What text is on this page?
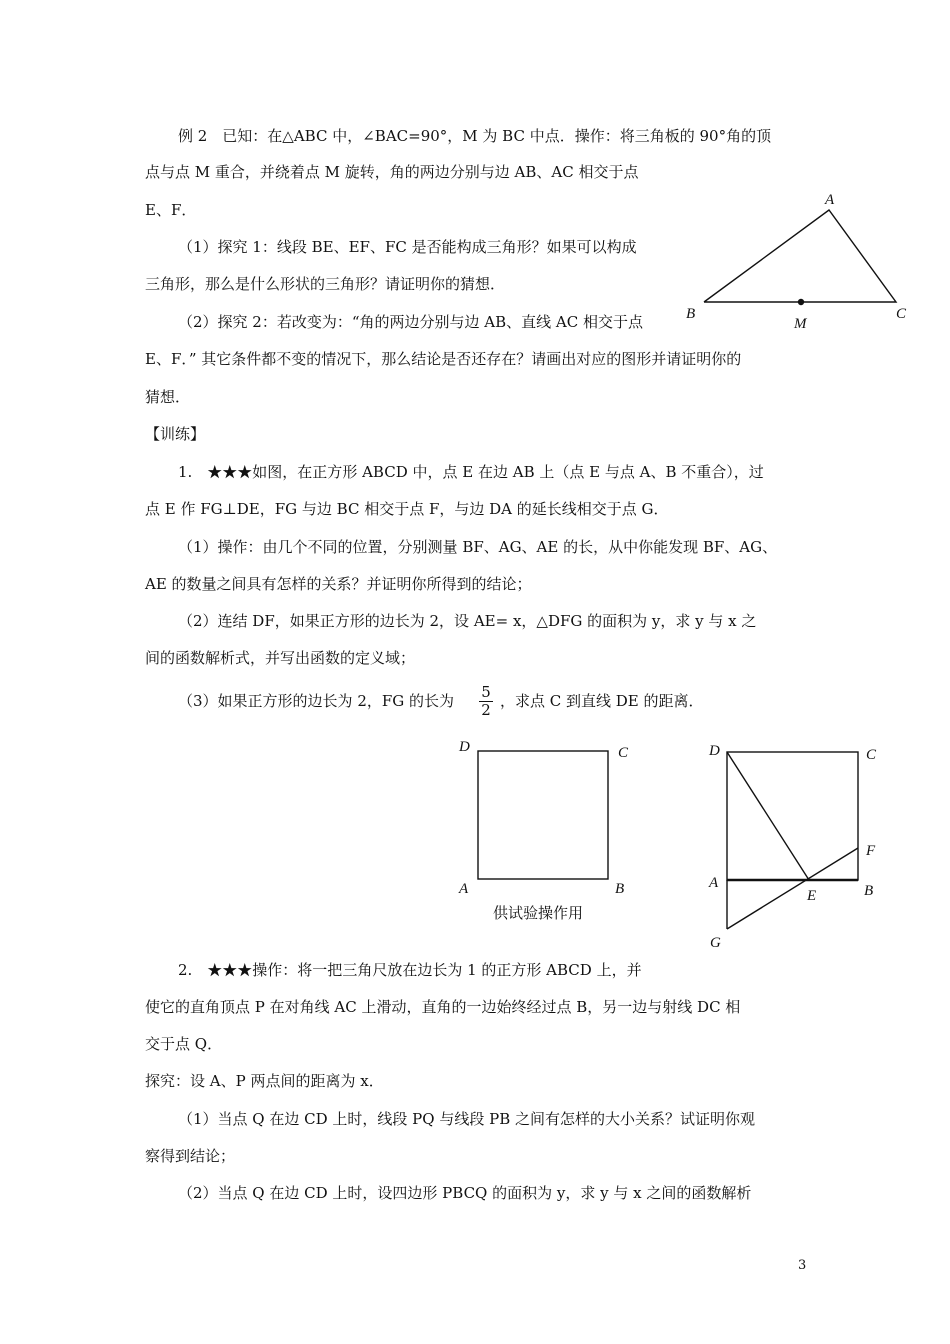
例 2　已知：在△ABC 中，∠BAC=90°，M 为 BC 中点．操作：将三角板的 90°角的顶
点与点 M 重合，并绕着点 M 旋转，角的两边分别与边 AB、AC 相交于点
E、F．
（1）探究 1：线段 BE、EF、FC 是否能构成三角形？如果可以构成
三角形，那么是什么形状的三角形？请证明你的猜想．
（2）探究 2：若改变为：“角的两边分别与边 AB、直线 AC 相交于点
E、F．” 其它条件都不变的情况下，那么结论是否还存在？请画出对应的图形并请证明你的
猜想．
A
B
M
C
【训练】
1.　★★★如图，在正方形 ABCD 中，点 E 在边 AB 上（点 E 与点 A、B 不重合），过
点 E 作 FG⊥DE，FG 与边 BC 相交于点 F，与边 DA 的延长线相交于点 G．
（1）操作：由几个不同的位置，分别测量 BF、AG、AE 的长，从中你能发现 BF、AG、
AE 的数量之间具有怎样的关系？并证明你所得到的结论；
（2）连结 DF，如果正方形的边长为 2，设 AE= x，△DFG 的面积为 y，求 y 与 x 之
间的函数解析式，并写出函数的定义域；
（3）如果正方形的边长为 2，FG 的长为 $\frac{5}{2}$ ，求点 C 到直线 DE 的距离．
D	C
A	B
供试验操作用
D	C
F
A
E	B
G
2.　★★★操作：将一把三角尺放在边长为 1 的正方形 ABCD 上，并
使它的直角顶点 P 在对角线 AC 上滑动，直角的一边始终经过点 B，另一边与射线 DC 相
交于点 Q．
探究：设 A、P 两点间的距离为 x．
（1）当点 Q 在边 CD 上时，线段 PQ 与线段 PB 之间有怎样的大小关系？试证明你观
察得到结论；
（2）当点 Q 在边 CD 上时，设四边形 PBCQ 的面积为 y，求 y 与 x 之间的函数解析
3
